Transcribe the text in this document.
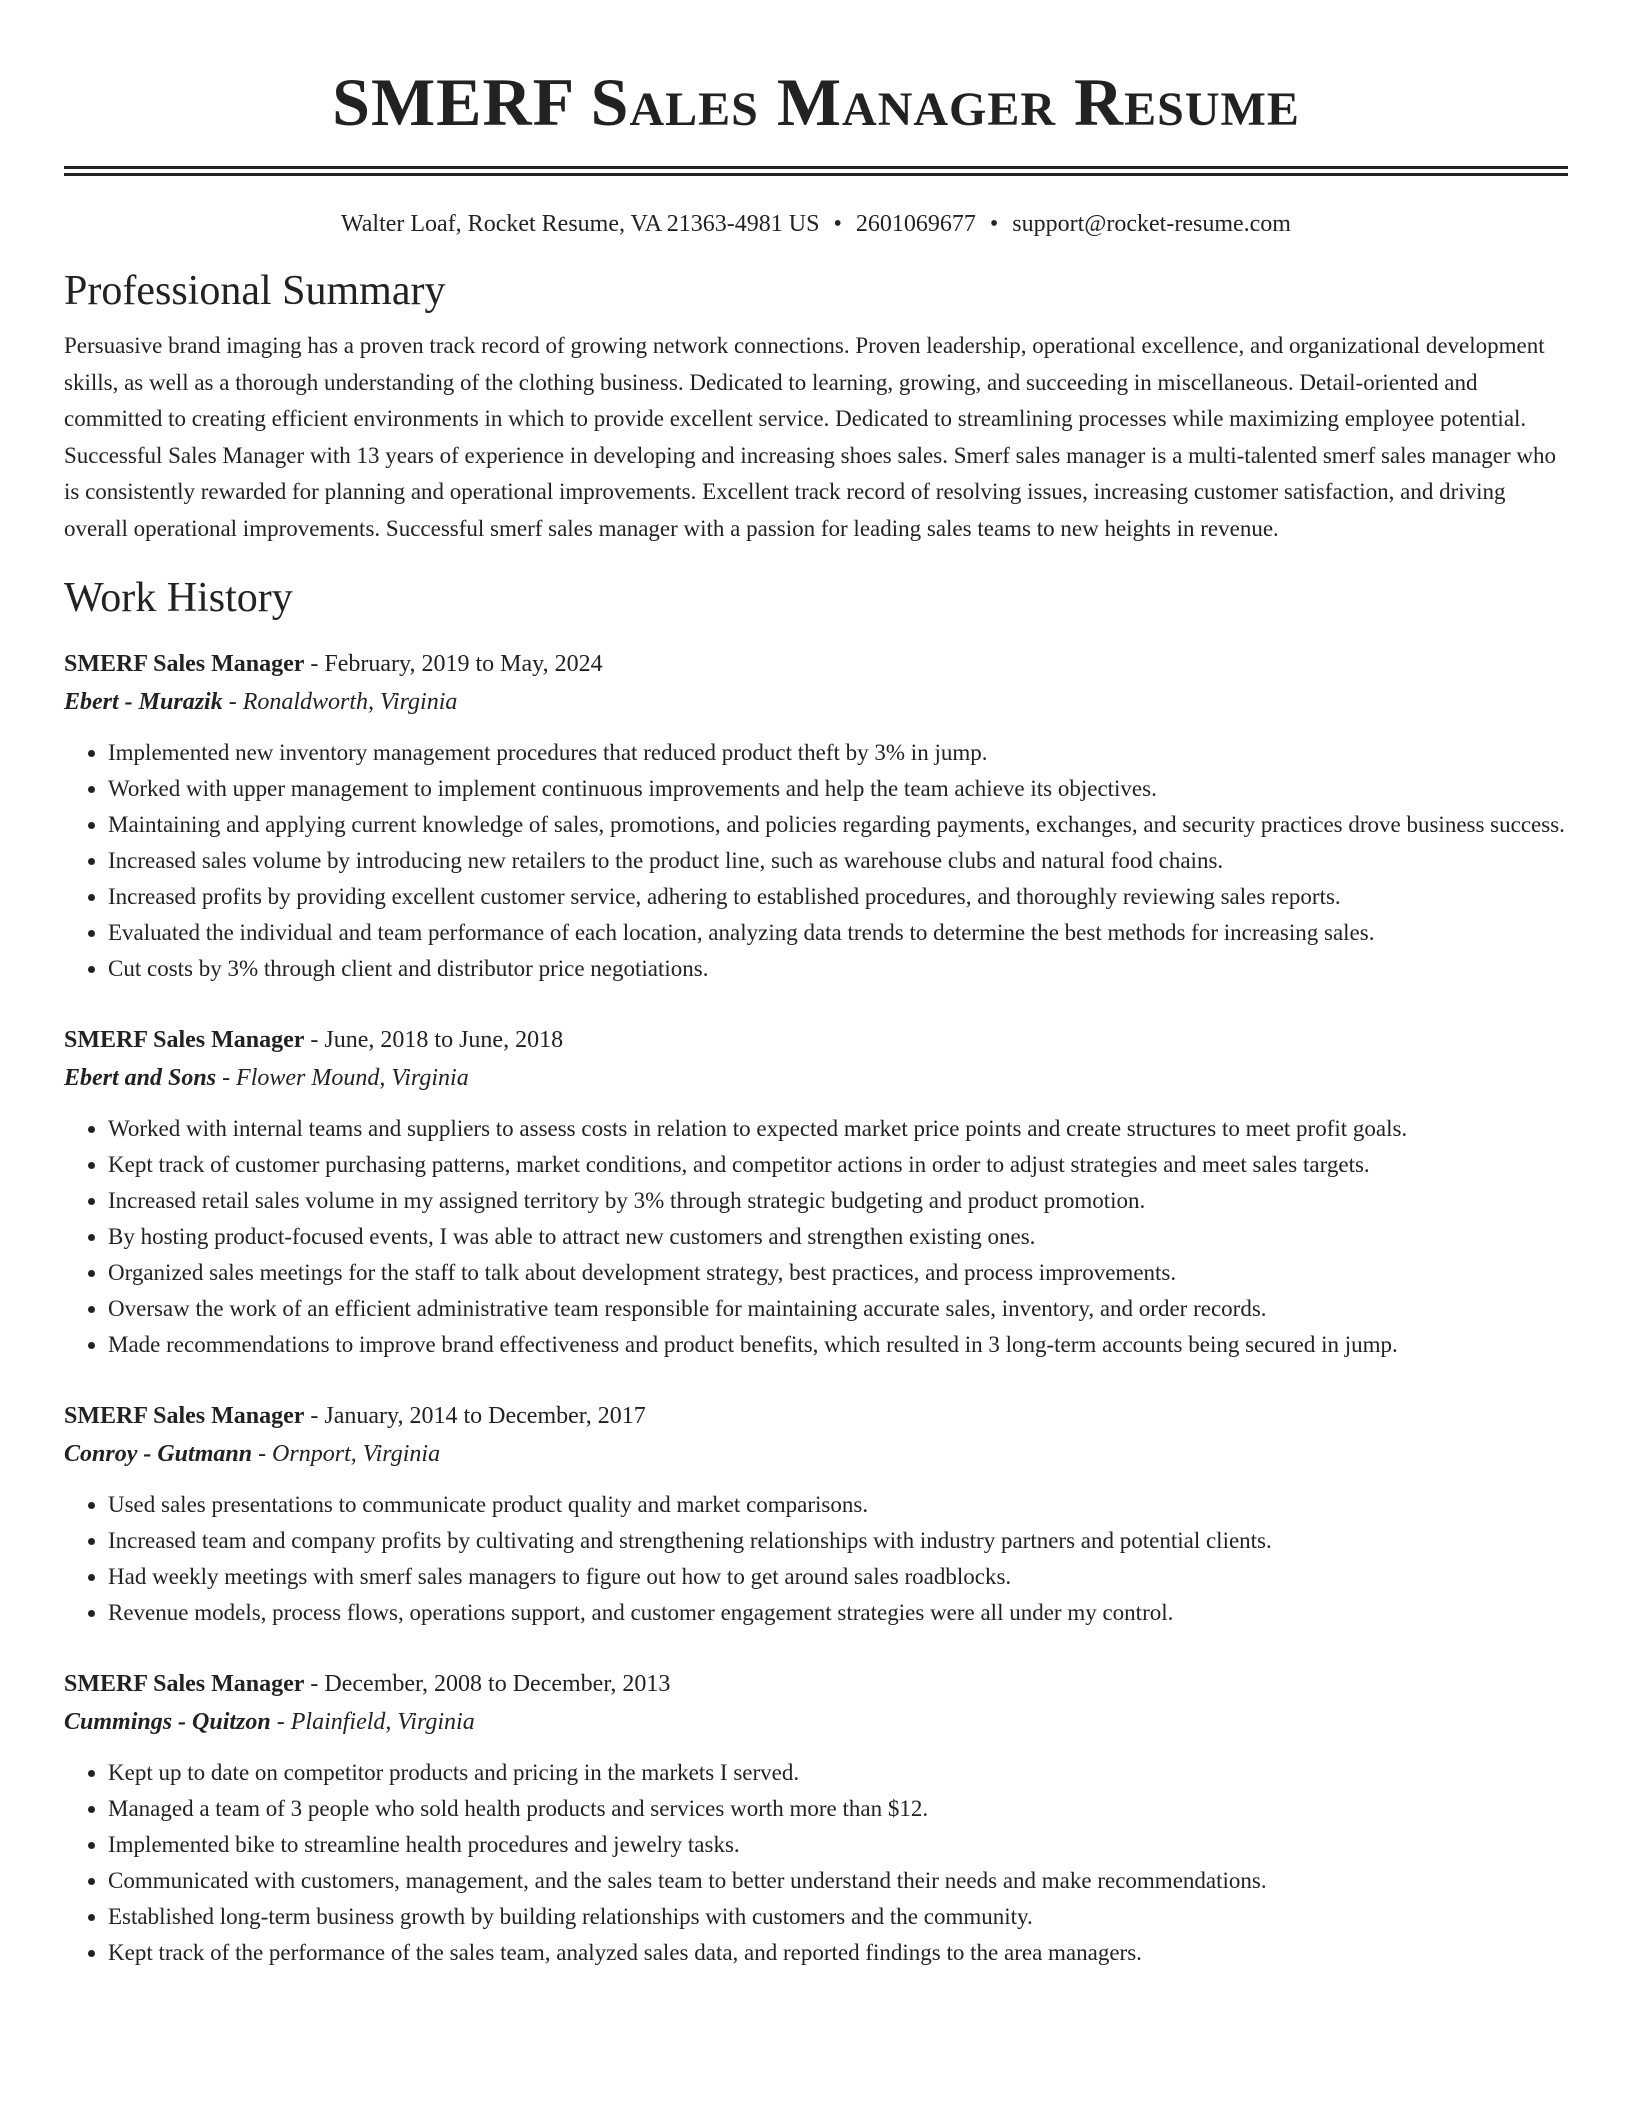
SMERF Sales Manager Resume
Walter Loaf, Rocket Resume, VA 21363-4981 US • 2601069677 • support@rocket-resume.com
Professional Summary

Persuasive brand imaging has a proven track record of growing network connections. Proven leadership, operational excellence, and organizational development skills, as well as a thorough understanding of the clothing business. Dedicated to learning, growing, and succeeding in miscellaneous. Detail-oriented and committed to creating efficient environments in which to provide excellent service. Dedicated to streamlining processes while maximizing employee potential. Successful Sales Manager with 13 years of experience in developing and increasing shoes sales. Smerf sales manager is a multi-talented smerf sales manager who is consistently rewarded for planning and operational improvements. Excellent track record of resolving issues, increasing customer satisfaction, and driving overall operational improvements. Successful smerf sales manager with a passion for leading sales teams to new heights in revenue.

Work History
SMERF Sales Manager - February, 2019 to May, 2024
Ebert - Murazik - Ronaldworth, Virginia
• Implemented new inventory management procedures that reduced product theft by 3% in jump.
• Worked with upper management to implement continuous improvements and help the team achieve its objectives.
• Maintaining and applying current knowledge of sales, promotions, and policies regarding payments, exchanges, and security practices drove business success.
• Increased sales volume by introducing new retailers to the product line, such as warehouse clubs and natural food chains.
• Increased profits by providing excellent customer service, adhering to established procedures, and thoroughly reviewing sales reports.
• Evaluated the individual and team performance of each location, analyzing data trends to determine the best methods for increasing sales.
• Cut costs by 3% through client and distributor price negotiations.
SMERF Sales Manager - June, 2018 to June, 2018
Ebert and Sons - Flower Mound, Virginia
• Worked with internal teams and suppliers to assess costs in relation to expected market price points and create structures to meet profit goals.
• Kept track of customer purchasing patterns, market conditions, and competitor actions in order to adjust strategies and meet sales targets.
• Increased retail sales volume in my assigned territory by 3% through strategic budgeting and product promotion.
• By hosting product-focused events, I was able to attract new customers and strengthen existing ones.
• Organized sales meetings for the staff to talk about development strategy, best practices, and process improvements.
• Oversaw the work of an efficient administrative team responsible for maintaining accurate sales, inventory, and order records.
• Made recommendations to improve brand effectiveness and product benefits, which resulted in 3 long-term accounts being secured in jump.
SMERF Sales Manager - January, 2014 to December, 2017
Conroy - Gutmann - Ornport, Virginia
• Used sales presentations to communicate product quality and market comparisons.
• Increased team and company profits by cultivating and strengthening relationships with industry partners and potential clients.
• Had weekly meetings with smerf sales managers to figure out how to get around sales roadblocks.
• Revenue models, process flows, operations support, and customer engagement strategies were all under my control.
SMERF Sales Manager - December, 2008 to December, 2013
Cummings - Quitzon - Plainfield, Virginia
• Kept up to date on competitor products and pricing in the markets I served.
• Managed a team of 3 people who sold health products and services worth more than $12.
• Implemented bike to streamline health procedures and jewelry tasks.
• Communicated with customers, management, and the sales team to better understand their needs and make recommendations.
• Established long-term business growth by building relationships with customers and the community.
• Kept track of the performance of the sales team, analyzed sales data, and reported findings to the area managers.
